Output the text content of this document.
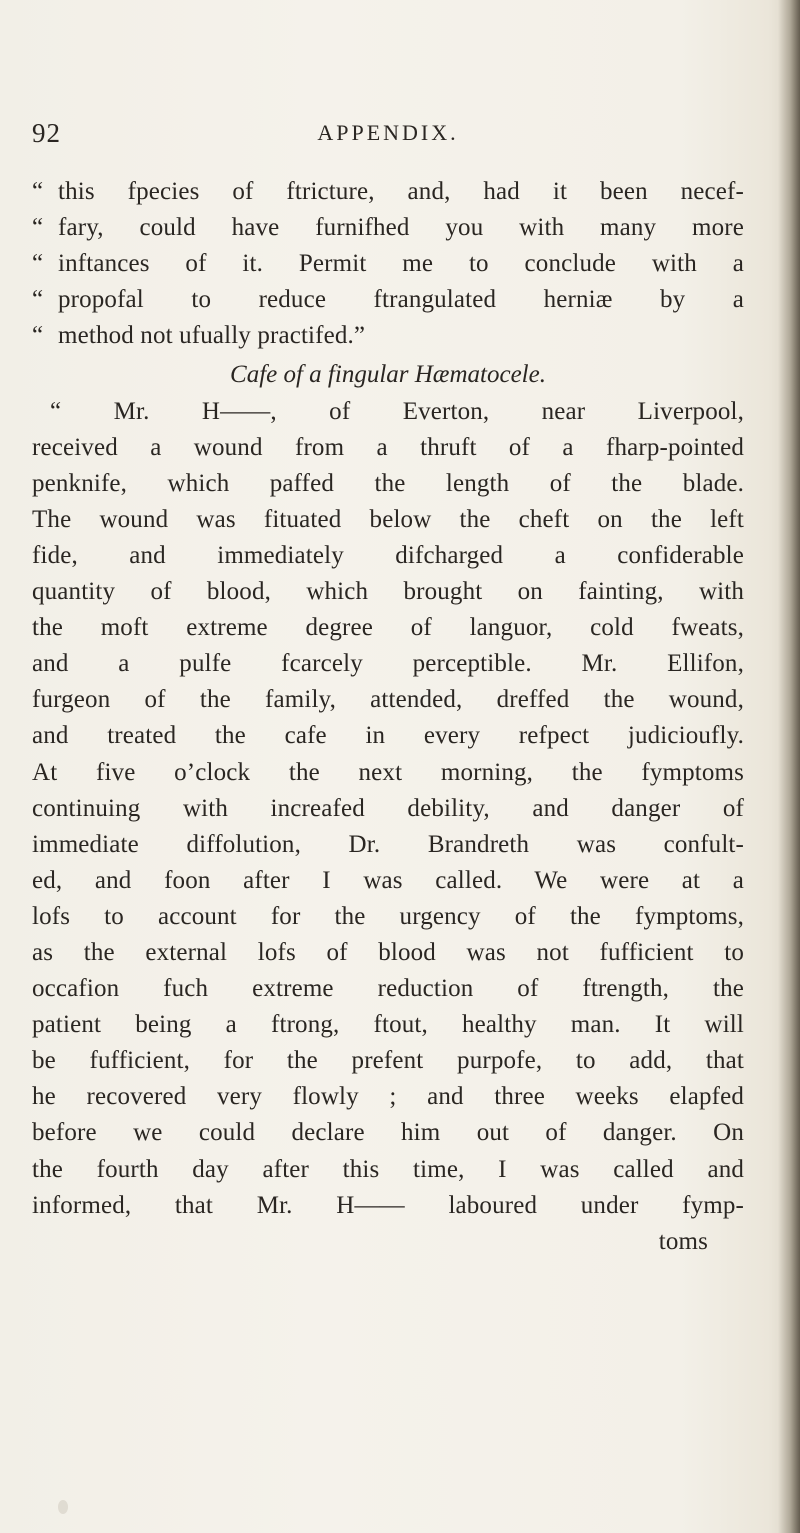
92	APPENDIX.
“ this fpecies of ftricture, and, had it been necef-
“ fary, could have furnifhed you with many more
“ inftances of it. Permit me to conclude with a
“ propofal to reduce ftrangulated herniæ by a
“ method not ufually practifed.”
Cafe of a fingular Hæmatocele.
“ Mr. H——, of Everton, near Liverpool,
received a wound from a thruft of a fharp-pointed
penknife, which paffed the length of the blade.
The wound was fituated below the cheft on the left
fide, and immediately difcharged a confiderable
quantity of blood, which brought on fainting, with
the moft extreme degree of languor, cold fweats,
and a pulfe fcarcely perceptible. Mr. Ellifon,
furgeon of the family, attended, dreffed the wound,
and treated the cafe in every refpect judicioufly.
At five o’clock the next morning, the fymptoms
continuing with increafed debility, and danger of
immediate diffolution, Dr. Brandreth was confult-
ed, and foon after I was called. We were at a
lofs to account for the urgency of the fymptoms,
as the external lofs of blood was not fufficient to
occafion fuch extreme reduction of ftrength, the
patient being a ftrong, ftout, healthy man. It will
be fufficient, for the prefent purpofe, to add, that
he recovered very flowly ; and three weeks elapfed
before we could declare him out of danger. On
the fourth day after this time, I was called and
informed, that Mr. H—— laboured under fymp-
toms
